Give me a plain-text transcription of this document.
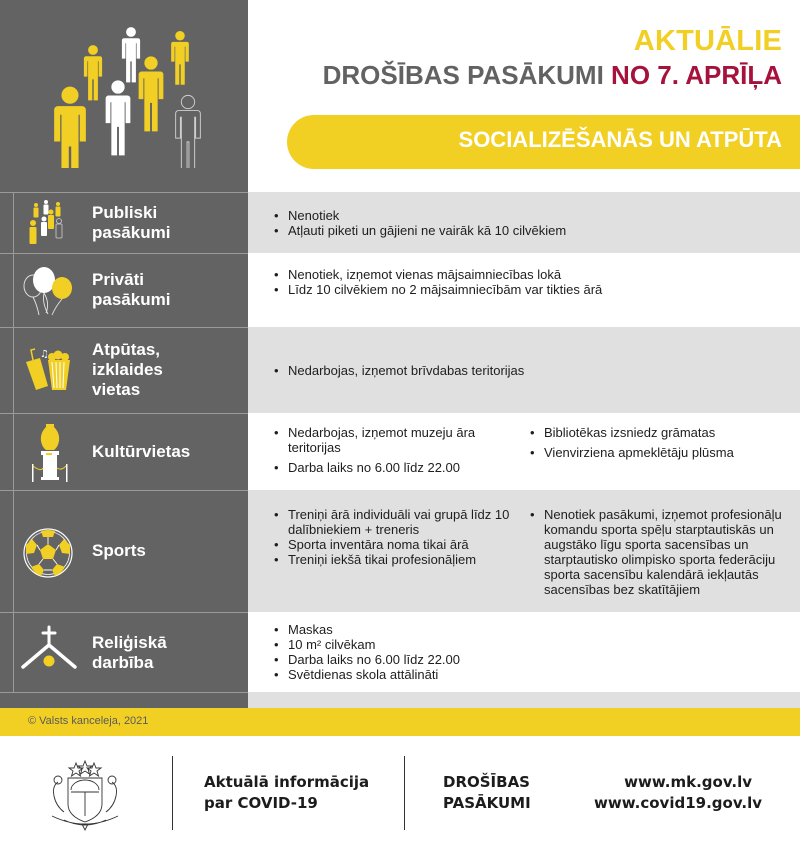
AKTUĀLIE
DROŠĪBAS PASĀKUMI NO 7. APRĪĻA
SOCIALIZĒŠANĀS UN ATPŪTA
Publiski
pasākumi
• Nenotiek
• Atļauti piketi un gājieni ne vairāk kā 10 cilvēkiem
Privāti
pasākumi
• Nenotiek, izņemot vienas mājsaimniecības lokā
• Līdz 10 cilvēkiem no 2 mājsaimniecībām var tikties ārā
♫	Atpūtas,
izklaides
vietas
• Nedarbojas, izņemot brīvdabas teritorijas
Kultūrvietas
• Nedarbojas, izņemot muzeju āra teritorijas
• Darba laiks no 6.00 līdz 22.00
• Bibliotēkas izsniedz grāmatas
• Vienvirziena apmeklētāju plūsma
Sports
• Treniņi ārā individuāli vai grupā līdz 10 dalībniekiem + treneris
• Sporta inventāra noma tikai ārā
• Treniņi iekšā tikai profesionāļiem
• Nenotiek pasākumi, izņemot profesionāļu komandu sporta spēļu starptautiskās un augstāko līgu sporta sacensības un starptautisko olimpisko sporta federāciju sporta sacensību kalendārā iekļautās sacensības bez skatītājiem
Reliģiskā
darbība
• Maskas
• 10 m² cilvēkam
• Darba laiks no 6.00 līdz 22.00
• Svētdienas skola attālināti
© Valsts kanceleja, 2021
Aktuālā informācija
par COVID-19
DROŠĪBAS
PASĀKUMI
www.mk.gov.lv
www.covid19.gov.lv
